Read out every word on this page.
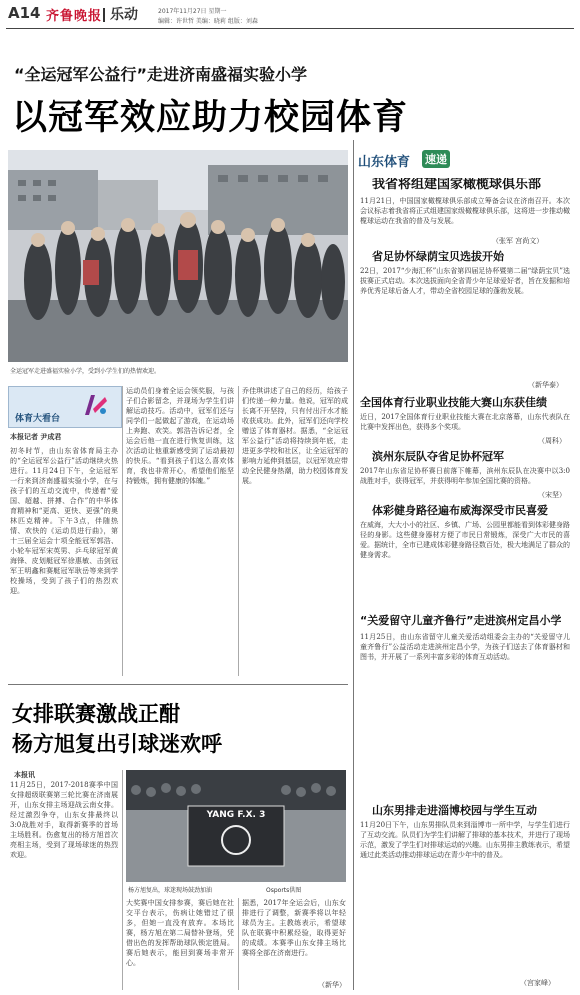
A14 齐鲁晚报 乐动	2017年11月27日 星期一
编辑：许世哲 美编：晓莉 组版：刘森
“全运冠军公益行”走进济南盛福实验小学
以冠军效应助力校园体育
全运冠军走进盛福实验小学，受到小学生们的热情欢迎。
体育大看台
本报记者 尹成君
初冬时节，由山东省体育局主办的“全运冠军公益行”活动继续火热进行。11月24日下午，全运冠军一行来到济南盛福实验小学，在与孩子们的互动交流中，传递着“爱国、超越、拼搏、合作”的中华体育精神和“更高、更快、更强”的奥林匹克精神。下午3点，伴随热情、欢快的《运动员进行曲》，第十三届全运会十项全能冠军郭浩、小轮车冠军宋英男、乒乓球冠军黄海锋、皮划艇冠军徐惠敏、击剑冠军王明鑫和赛艇冠军耿岳等来到学校操场，受到了孩子们的热烈欢迎。
运动员们身着全运会领奖服，与孩子们合影留念，并现场为学生们讲解运动技巧。活动中，冠军们还与同学们一起做起了游戏，在运动场上奔跑、欢笑。郭浩告诉记者，全运会后他一直在进行恢复训练，这次活动让他重新感受到了运动最初的快乐。“看到孩子们这么喜欢体育，我也非常开心，希望他们能坚持锻炼，拥有健康的体魄。”
乔佳琪讲述了自己的经历，给孩子们传递一种力量。他说，冠军的成长离不开坚持，只有付出汗水才能收获成功。此外，冠军们还向学校赠送了体育器材。据悉，“全运冠军公益行”活动将持续到年底，走进更多学校和社区，让全运冠军的影响力延伸到基层，以冠军效应带动全民健身热潮，助力校园体育发展。
女排联赛激战正酣
杨方旭复出引球迷欢呼
本报讯
11月25日，2017-2018赛季中国女排超级联赛第三轮比赛在济南展开，山东女排主场迎战云南女排。经过激烈争夺，山东女排最终以3:0战胜对手，取得新赛季的首场主场胜利。伤愈复出的杨方旭首次亮相主场，受到了现场球迷的热烈欢迎。
YANG F.X. 3
杨方旭复出，球迷现场鼓劲加油	Osports供图
大奖赛中国女排参赛，赛后她在社交平台表示，伤病让她错过了很多，但她一直没有放弃。本场比赛，杨方旭在第二局替补登场，凭借出色的发挥帮助球队锁定胜局。赛后她表示，能回到赛场非常开心。
据悉，2017年全运会后，山东女排进行了调整，新赛季将以年轻球员为主。主教练表示，希望球队在联赛中积累经验，取得更好的成绩。本赛季山东女排主场比赛将全部在济南进行。
（新华）
山东体育 速递
我省将组建国家橄榄球俱乐部
11月21日，中国国家橄榄球俱乐部成立筹备会议在济南召开。本次会议标志着我省将正式组建国家级橄榄球俱乐部，这将进一步推动橄榄球运动在我省的普及与发展。
（张军 宫尚文）
省足协怀绿荫宝贝选拔开始
22日，2017“少海汇杯”山东省第四届足协杯暨第二届“绿荫宝贝”选拔赛正式启动。本次选拔面向全省青少年足球爱好者，旨在发掘和培养优秀足球后备人才，带动全省校园足球的蓬勃发展。
（新华泰）
全国体育行业职业技能大赛山东获佳绩
近日，2017全国体育行业职业技能大赛在北京落幕，山东代表队在比赛中发挥出色，获得多个奖项。
（周科）
滨州东辰队夺省足协杯冠军
2017年山东省足协杯赛日前落下帷幕，滨州东辰队在决赛中以3:0战胜对手，获得冠军，并获得明年参加全国比赛的资格。
（宋坚）
体彩健身路径遍布威海深受市民喜爱
在威海，大大小小的社区、乡镇、广场、公园里都能看到体彩健身路径的身影。这些健身器材方便了市民日常锻炼，深受广大市民的喜爱。据统计，全市已建成体彩健身路径数百处，极大地满足了群众的健身需求。
“关爱留守儿童齐鲁行”走进滨州定昌小学
11月25日，由山东省留守儿童关爱活动组委会主办的“关爱留守儿童齐鲁行”公益活动走进滨州定昌小学，为孩子们送去了体育器材和图书，并开展了一系列丰富多彩的体育互动活动。
山东男排走进淄博校园与学生互动
11月20日下午，山东男排队员来到淄博市一所中学，与学生们进行了互动交流。队员们为学生们讲解了排球的基本技术，并进行了现场示范，激发了学生们对排球运动的兴趣。山东男排主教练表示，希望通过此类活动推动排球运动在青少年中的普及。
（宫家峰）
